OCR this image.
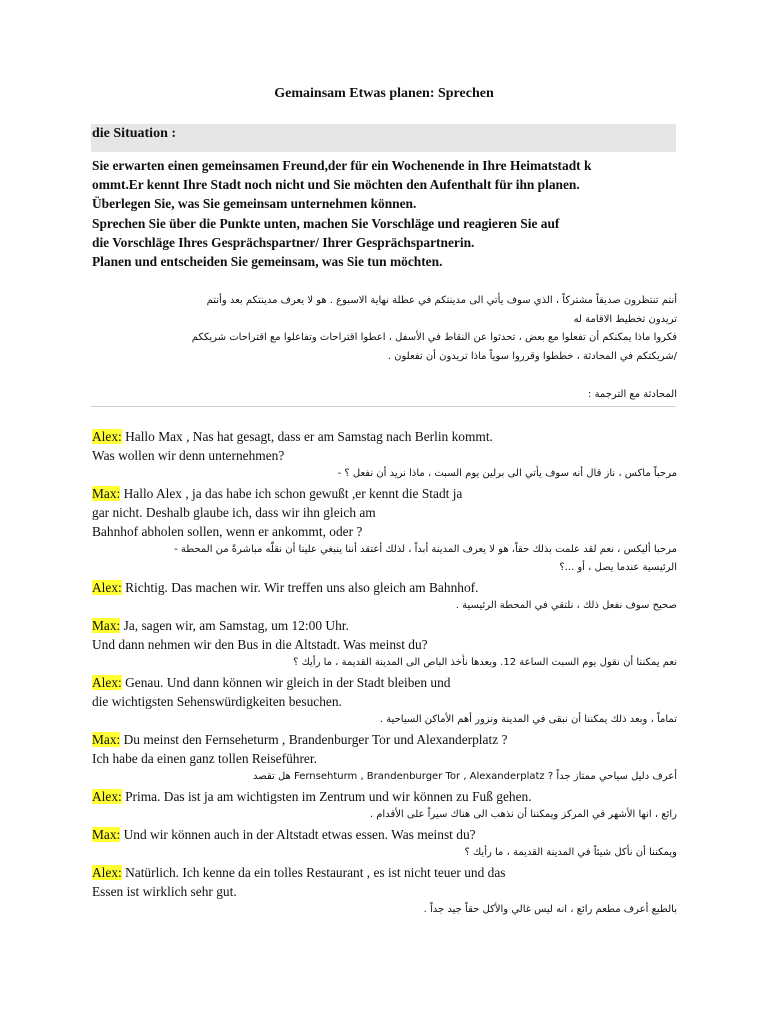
Gemainsam Etwas planen: Sprechen
die Situation :
Sie erwarten einen gemeinsamen Freund,der für ein Wochenende in Ihre Heimatstadt k
ommt.Er kennt Ihre Stadt noch nicht und Sie möchten den Aufenthalt für ihn planen.
Überlegen Sie, was Sie gemeinsam unternehmen können.
Sprechen Sie über die Punkte unten, machen Sie Vorschläge und reagieren Sie auf
die Vorschläge Ihres Gesprächspartner/ Ihrer Gesprächspartnerin.
Planen und entscheiden Sie gemeinsam, was Sie tun möchten.
أنتم تنتظرون صديقاً مشتركاً ، الذي سوف يأتي الى مدينتكم في عطلة نهاية الاسبوع . هو لا يعرف مدينتكم بعد وأنتم
تريدون تخطيط الاقامة له
فكروا ماذا يمكنكم أن تفعلوا مع بعض ، تحدثوا عن النقاط في الأسفل ، اعطوا اقتراحات وتفاعلوا مع اقتراحات شريككم
/شريكتكم في المحادثة ، خططوا وقرروا سوياً ماذا تريدون أن تفعلون .
المحادثة مع الترجمة :
Alex: Hallo Max , Nas hat gesagt, dass er am Samstag nach Berlin kommt.
Was wollen wir denn unternehmen?
مرحباً ماكس ، ناز قال أنه سوف يأتي الى برلين يوم السبت ، ماذا نريد أن نفعل ؟ -
Max: Hallo Alex , ja das habe ich schon gewußt ,er kennt die Stadt ja
gar nicht. Deshalb glaube ich, dass wir ihn gleich am
Bahnhof abholen sollen, wenn er ankommt, oder ?
مرحبا أليكس ، نعم لقد علمت بذلك حقاً، هو لا يعرف المدينة أبداً ، لذلك أعتقد أننا ينبغي علينا أن نقلّه مباشرةً من المحطة -
الرئيسية عندما يصل ، أو ...؟
Alex: Richtig. Das machen wir. Wir treffen uns also gleich am Bahnhof.
صحيح سوف نفعل ذلك ، نلتقي في المحطة الرئيسية .
Max: Ja, sagen wir, am Samstag, um 12:00 Uhr.
Und dann nehmen wir den Bus in die Altstadt. Was meinst du?
نعم يمكننا أن نقول يوم السبت الساعة 12. وبعدها نأخذ الباص الى المدينة القديمة ، ما رأيك ؟
Alex: Genau. Und dann können wir gleich in der Stadt bleiben und
die wichtigsten Sehenswürdigkeiten besuchen.
تماماً ، وبعد ذلك يمكننا أن نبقى في المدينة ونزور أهم الأماكن السياحية .
Max: Du meinst den Fernseheturm , Brandenburger Tor und Alexanderplatz ?
Ich habe da einen ganz tollen Reiseführer.
أعرف دليل سياحي ممتاز جداً ? Fernsehturm , Brandenburger Tor , Alexanderplatz هل تقصد
Alex: Prima. Das ist ja am wichtigsten im Zentrum und wir können zu Fuß gehen.
رائع ، انها الأشهر في المركز ويمكننا أن نذهب الى هناك سيراً على الأقدام .
Max: Und wir können auch in der Altstadt etwas essen. Was meinst du?
ويمكننا أن نأكل شيئاً في المدينة القديمة ، ما رأيك ؟
Alex: Natürlich. Ich kenne da ein tolles Restaurant , es ist nicht teuer und das
Essen ist wirklich sehr gut.
بالطبع أعرف مطعم رائع ، انه ليس غالي والأكل حقاً جيد جداً .
